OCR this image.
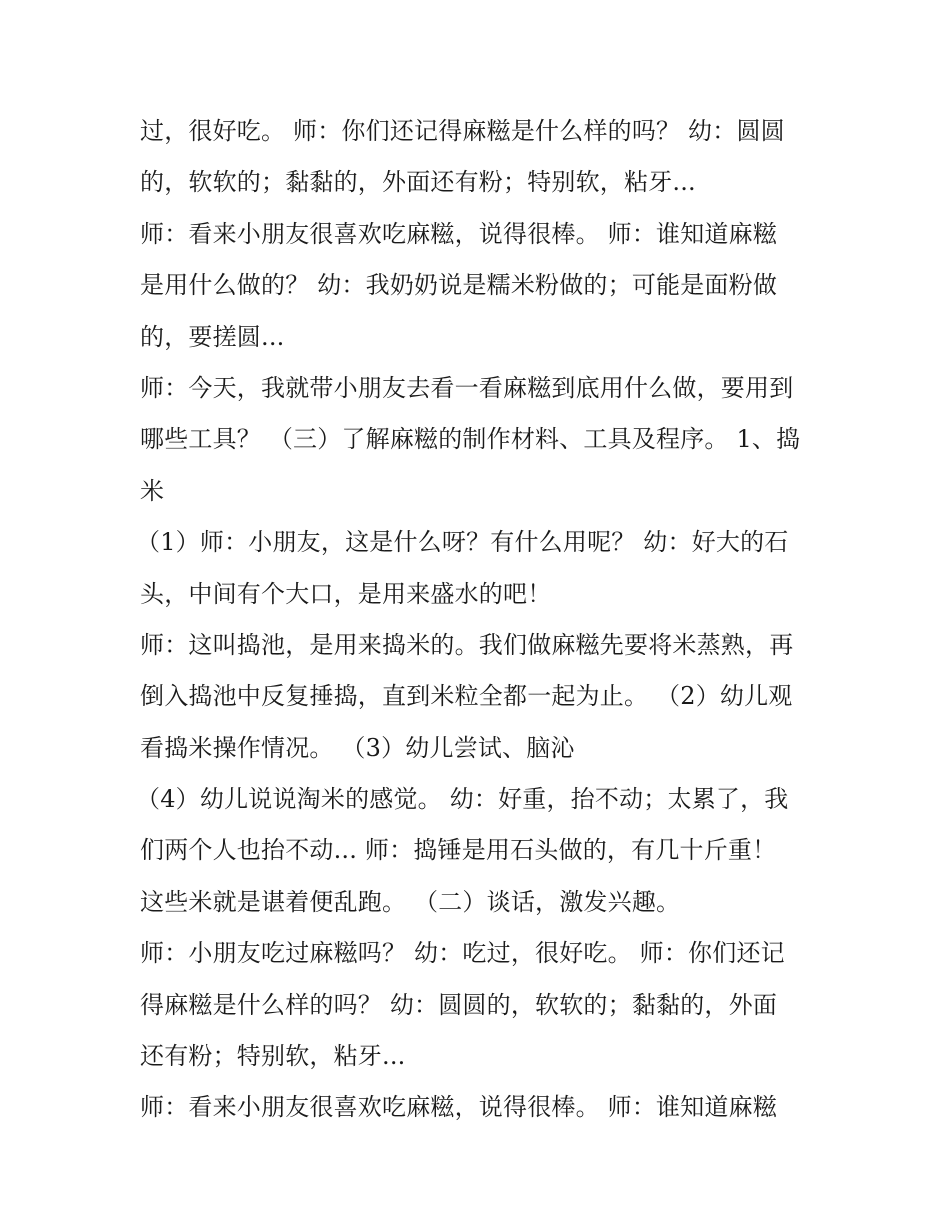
过，很好吃。 师：你们还记得麻糍是什么样的吗？ 幼：圆圆
的，软软的；黏黏的，外面还有粉；特别软，粘牙...
师：看来小朋友很喜欢吃麻糍，说得很棒。 师：谁知道麻糍
是用什么做的？ 幼：我奶奶说是糯米粉做的；可能是面粉做
的，要搓圆...
师：今天，我就带小朋友去看一看麻糍到底用什么做，要用到
哪些工具？ （三）了解麻糍的制作材料、工具及程序。 1、捣
米
（1）师：小朋友，这是什么呀？有什么用呢？ 幼：好大的石
头，中间有个大口，是用来盛水的吧！
师：这叫捣池，是用来捣米的。我们做麻糍先要将米蒸熟，再
倒入捣池中反复捶捣，直到米粒全都一起为止。 （2）幼儿观
看捣米操作情况。 （3）幼儿尝试、脑沁
（4）幼儿说说淘米的感觉。 幼：好重，抬不动；太累了，我
们两个人也抬不动... 师：捣锤是用石头做的，有几十斤重！
这些米就是谌着便乱跑。 （二）谈话，激发兴趣。
师：小朋友吃过麻糍吗？ 幼：吃过，很好吃。 师：你们还记
得麻糍是什么样的吗？ 幼：圆圆的，软软的；黏黏的，外面
还有粉；特别软，粘牙...
师：看来小朋友很喜欢吃麻糍，说得很棒。 师：谁知道麻糍
